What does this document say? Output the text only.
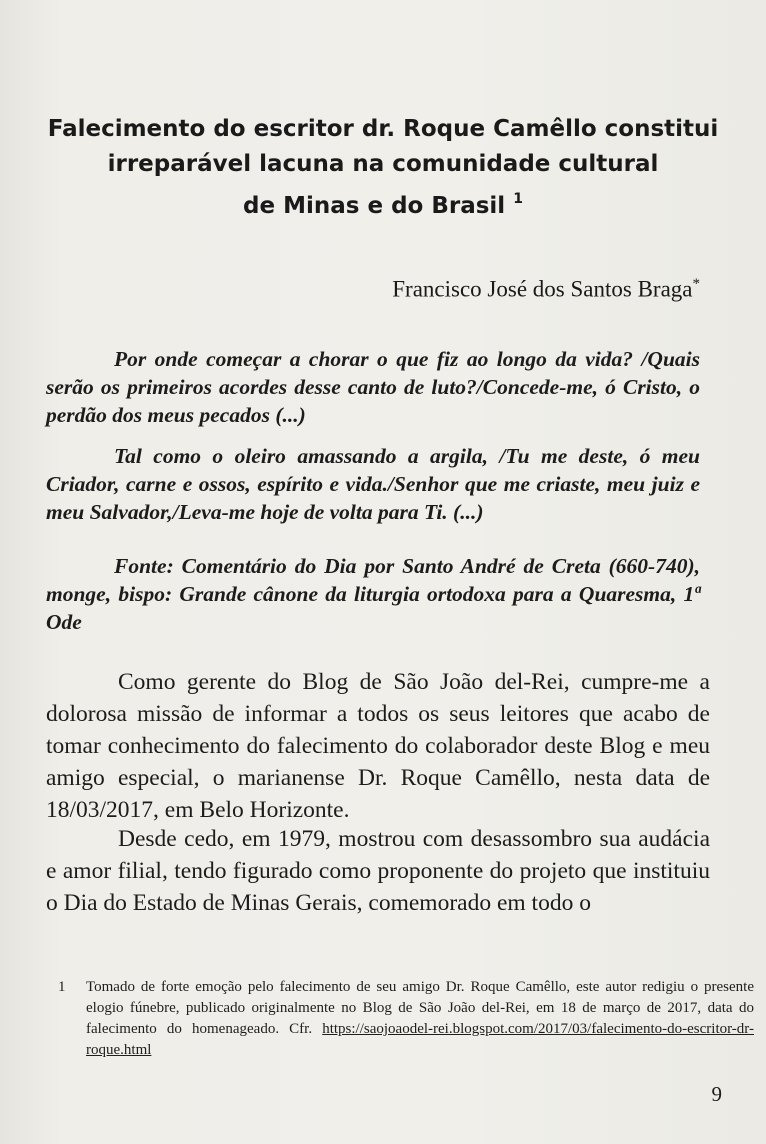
Falecimento do escritor dr. Roque Camêllo constitui
irreparável lacuna na comunidade cultural
de Minas e do Brasil $^1$
Francisco José dos Santos Braga*

Por onde começar a chorar o que fiz ao longo da vida? /Quais serão os primeiros acordes desse canto de luto?/Concede-me, ó Cristo, o perdão dos meus pecados (...)

Tal como o oleiro amassando a argila, /Tu me deste, ó meu Criador, carne e ossos, espírito e vida./Senhor que me criaste, meu juiz e meu Salvador,/Leva-me hoje de volta para Ti. (...)

Fonte: Comentário do Dia por Santo André de Creta (660-740), monge, bispo: Grande cânone da liturgia ortodoxa para a Quaresma, 1ª Ode

Como gerente do Blog de São João del-Rei, cumpre-me a dolorosa missão de informar a todos os seus leitores que acabo de tomar conhecimento do falecimento do colaborador deste Blog e meu amigo especial, o marianense Dr. Roque Camêllo, nesta data de 18/03/2017, em Belo Horizonte.

Desde cedo, em 1979, mostrou com desassombro sua audácia e amor filial, tendo figurado como proponente do projeto que instituiu o Dia do Estado de Minas Gerais, comemorado em todo o

1 Tomado de forte emoção pelo falecimento de seu amigo Dr. Roque Camêllo, este autor redigiu o presente elogio fúnebre, publicado originalmente no Blog de São João del-Rei, em 18 de março de 2017, data do falecimento do homenageado. Cfr. https://saojoaodel-rei.blogspot.com/2017/03/falecimento-do-escritor-dr-roque.html

9
